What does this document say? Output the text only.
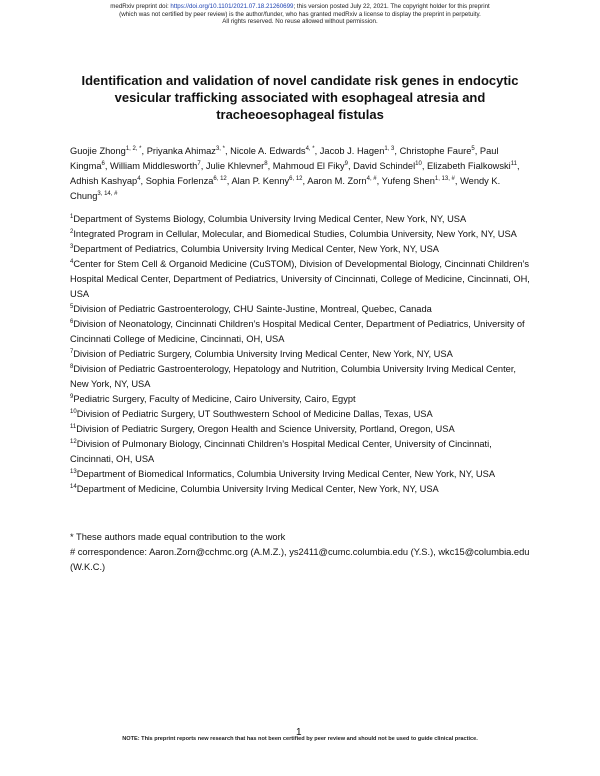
medRxiv preprint doi: https://doi.org/10.1101/2021.07.18.21260699; this version posted July 22, 2021. The copyright holder for this preprint
(which was not certified by peer review) is the author/funder, who has granted medRxiv a license to display the preprint in perpetuity.
All rights reserved. No reuse allowed without permission.
Identification and validation of novel candidate risk genes in endocytic vesicular trafficking associated with esophageal atresia and tracheoesophageal fistulas
Guojie Zhong$^{1, 2, *}$, Priyanka Ahimaz$^{3, *}$, Nicole A. Edwards$^{4, *}$, Jacob J. Hagen$^{1, 3}$, Christophe Faure$^5$, Paul Kingma$^6$, William Middlesworth$^7$, Julie Khlevner$^8$, Mahmoud El Fiky$^9$, David Schindel$^{10}$, Elizabeth Fialkowski$^{11}$, Adhish Kashyap$^4$, Sophia Forlenza$^{6, 12}$, Alan P. Kenny$^{6, 12}$, Aaron M. Zorn$^{4, \#}$, Yufeng Shen$^{1, 13, \#}$, Wendy K. Chung$^{3, 14, \#}$

$^1$Department of Systems Biology, Columbia University Irving Medical Center, New York, NY, USA

$^2$Integrated Program in Cellular, Molecular, and Biomedical Studies, Columbia University, New York, NY, USA

$^3$Department of Pediatrics, Columbia University Irving Medical Center, New York, NY, USA

$^4$Center for Stem Cell & Organoid Medicine (CuSTOM), Division of Developmental Biology, Cincinnati Children’s Hospital Medical Center, Department of Pediatrics, University of Cincinnati, College of Medicine, Cincinnati, OH, USA

$^5$Division of Pediatric Gastroenterology, CHU Sainte-Justine, Montreal, Quebec, Canada

$^6$Division of Neonatology, Cincinnati Children’s Hospital Medical Center, Department of Pediatrics, University of Cincinnati College of Medicine, Cincinnati, OH, USA

$^7$Division of Pediatric Surgery, Columbia University Irving Medical Center, New York, NY, USA

$^8$Division of Pediatric Gastroenterology, Hepatology and Nutrition, Columbia University Irving Medical Center, New York, NY, USA

$^9$Pediatric Surgery, Faculty of Medicine, Cairo University, Cairo, Egypt

$^{10}$Division of Pediatric Surgery, UT Southwestern School of Medicine Dallas, Texas, USA

$^{11}$Division of Pediatric Surgery, Oregon Health and Science University, Portland, Oregon, USA

$^{12}$Division of Pulmonary Biology, Cincinnati Children’s Hospital Medical Center, University of Cincinnati, Cincinnati, OH, USA

$^{13}$Department of Biomedical Informatics, Columbia University Irving Medical Center, New York, NY, USA

$^{14}$Department of Medicine, Columbia University Irving Medical Center, New York, NY, USA

* These authors made equal contribution to the work

# correspondence: Aaron.Zorn@cchmc.org (A.M.Z.), ys2411@cumc.columbia.edu (Y.S.), wkc15@columbia.edu (W.K.C.)

1
NOTE: This preprint reports new research that has not been certified by peer review and should not be used to guide clinical practice.
